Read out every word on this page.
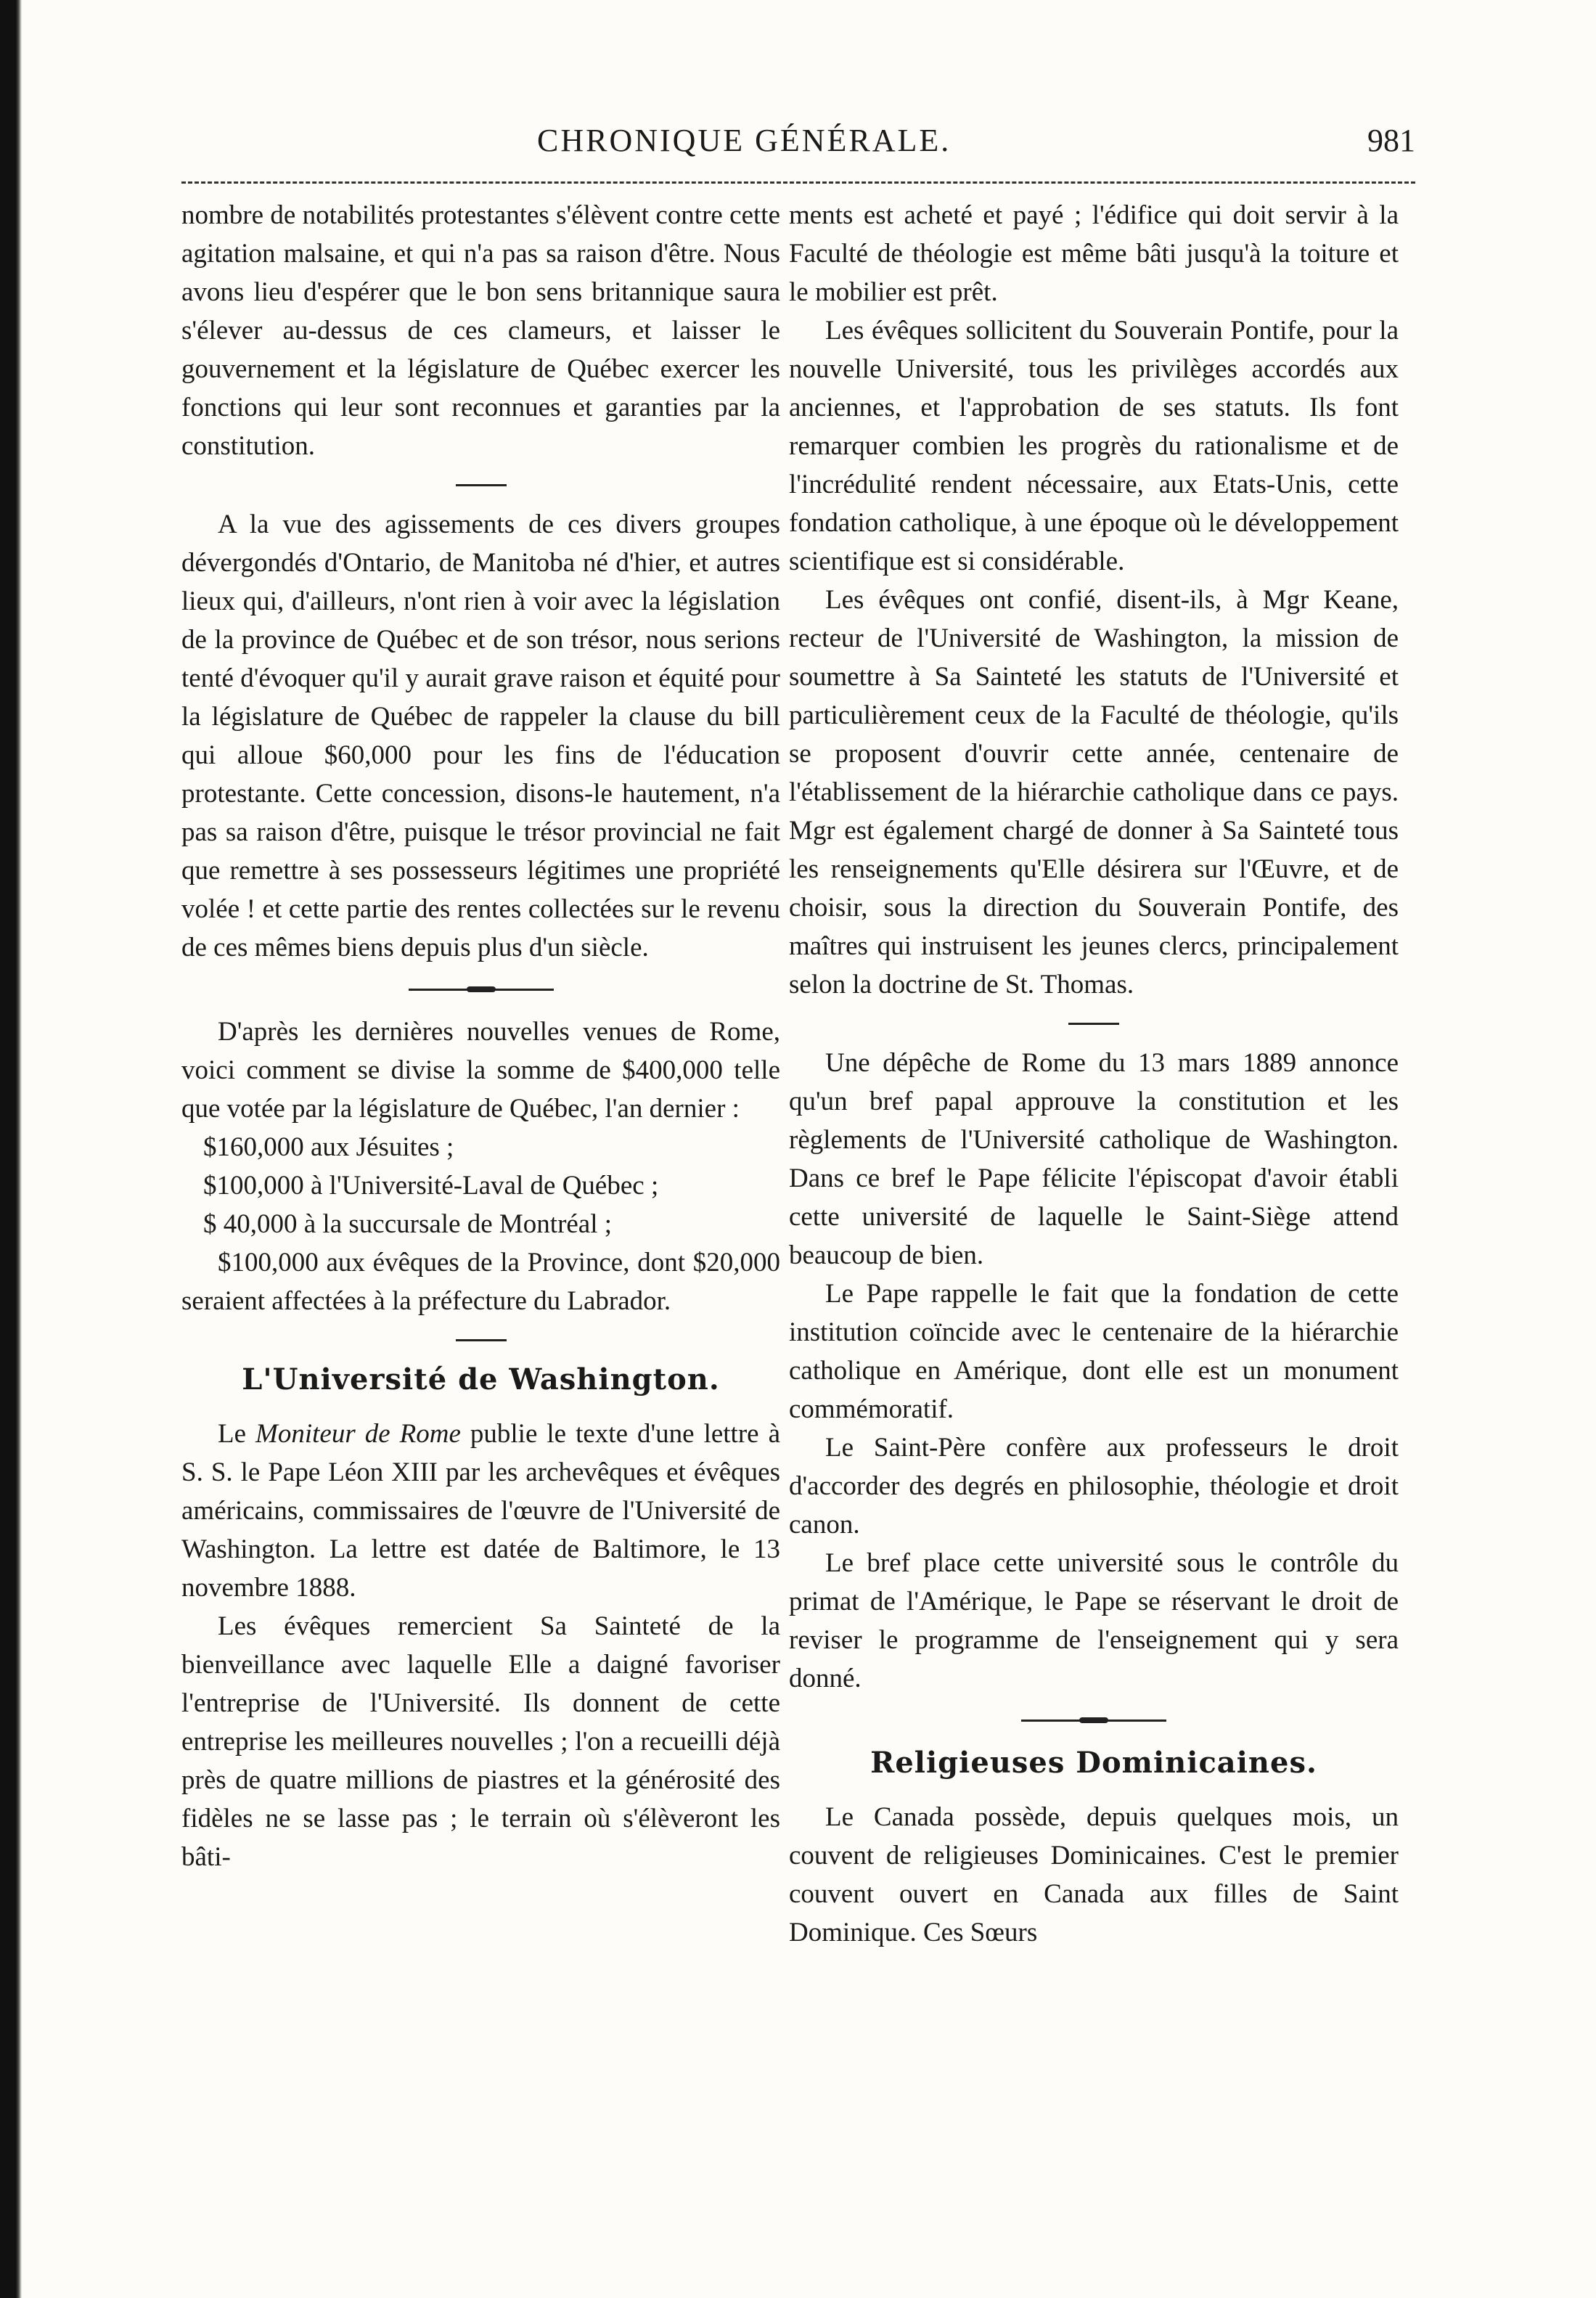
CHRONIQUE GÉNÉRALE.	981

nombre de notabilités protestantes s'élèvent contre cette agitation malsaine, et qui n'a pas sa raison d'être. Nous avons lieu d'espérer que le bon sens britannique saura s'élever au-dessus de ces clameurs, et laisser le gouvernement et la législature de Québec exercer les fonctions qui leur sont reconnues et garanties par la constitution.

A la vue des agissements de ces divers groupes dévergondés d'Ontario, de Manitoba né d'hier, et autres lieux qui, d'ailleurs, n'ont rien à voir avec la législation de la province de Québec et de son trésor, nous serions tenté d'évoquer qu'il y aurait grave raison et équité pour la législature de Québec de rappeler la clause du bill qui alloue $60,000 pour les fins de l'éducation protestante. Cette concession, disons-le hautement, n'a pas sa raison d'être, puisque le trésor provincial ne fait que remettre à ses possesseurs légitimes une propriété volée ! et cette partie des rentes collectées sur le revenu de ces mêmes biens depuis plus d'un siècle.

D'après les dernières nouvelles venues de Rome, voici comment se divise la somme de $400,000 telle que votée par la législature de Québec, l'an dernier :

$160,000 aux Jésuites ;

$100,000 à l'Université-Laval de Québec ;

$ 40,000 à la succursale de Montréal ;

$100,000 aux évêques de la Province, dont $20,000 seraient affectées à la préfecture du Labrador.

L'Université de Washington.

Le Moniteur de Rome publie le texte d'une lettre à S. S. le Pape Léon XIII par les archevêques et évêques américains, commissaires de l'œuvre de l'Université de Washington. La lettre est datée de Baltimore, le 13 novembre 1888.

Les évêques remercient Sa Sainteté de la bienveillance avec laquelle Elle a daigné favoriser l'entreprise de l'Université. Ils donnent de cette entreprise les meilleures nouvelles ; l'on a recueilli déjà près de quatre millions de piastres et la générosité des fidèles ne se lasse pas ; le terrain où s'élèveront les bâti-

ments est acheté et payé ; l'édifice qui doit servir à la Faculté de théologie est même bâti jusqu'à la toiture et le mobilier est prêt.

Les évêques sollicitent du Souverain Pontife, pour la nouvelle Université, tous les privilèges accordés aux anciennes, et l'approbation de ses statuts. Ils font remarquer combien les progrès du rationalisme et de l'incrédulité rendent nécessaire, aux Etats-Unis, cette fondation catholique, à une époque où le développement scientifique est si considérable.

Les évêques ont confié, disent-ils, à Mgr Keane, recteur de l'Université de Washington, la mission de soumettre à Sa Sainteté les statuts de l'Université et particulièrement ceux de la Faculté de théologie, qu'ils se proposent d'ouvrir cette année, centenaire de l'établissement de la hiérarchie catholique dans ce pays. Mgr est également chargé de donner à Sa Sainteté tous les renseignements qu'Elle désirera sur l'Œuvre, et de choisir, sous la direction du Souverain Pontife, des maîtres qui instruisent les jeunes clercs, principalement selon la doctrine de St. Thomas.

Une dépêche de Rome du 13 mars 1889 annonce qu'un bref papal approuve la constitution et les règlements de l'Université catholique de Washington. Dans ce bref le Pape félicite l'épiscopat d'avoir établi cette université de laquelle le Saint-Siège attend beaucoup de bien.

Le Pape rappelle le fait que la fondation de cette institution coïncide avec le centenaire de la hiérarchie catholique en Amérique, dont elle est un monument commémoratif.

Le Saint-Père confère aux professeurs le droit d'accorder des degrés en philosophie, théologie et droit canon.

Le bref place cette université sous le contrôle du primat de l'Amérique, le Pape se réservant le droit de reviser le programme de l'enseignement qui y sera donné.

Religieuses Dominicaines.

Le Canada possède, depuis quelques mois, un couvent de religieuses Dominicaines. C'est le premier couvent ouvert en Canada aux filles de Saint Dominique. Ces Sœurs
